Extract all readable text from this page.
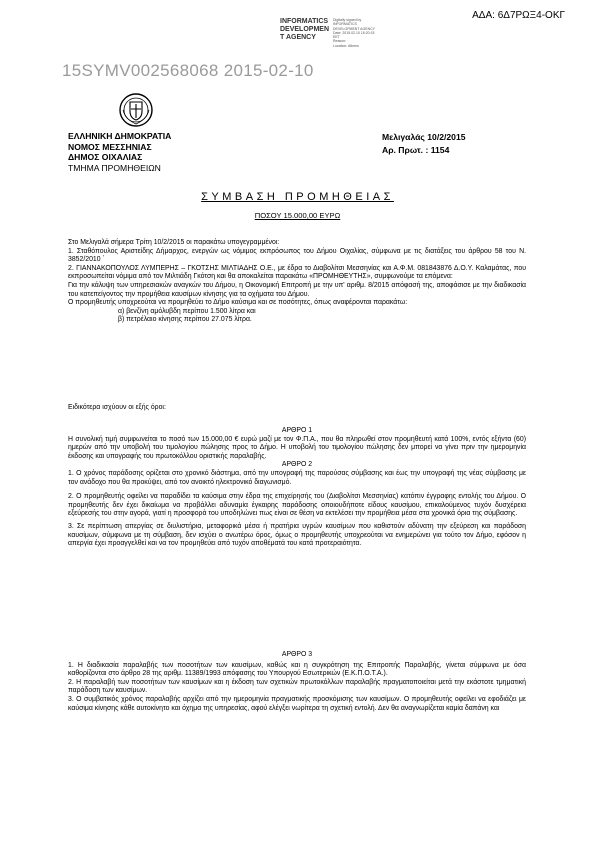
ΑΔΑ: 6Δ7ΡΩΞ4-ΟΚΓ
INFORMATICS
DEVELOPMEN
T AGENCY
Digitally signed by
INFORMATICS
DEVELOPMENT AGENCY
Date: 2015.02.10 15:20:15
EET
Reason:
Location: Athens
15SYMV002568068 2015-02-10
ΕΛΛΗΝΙΚΗ ΔΗΜΟΚΡΑΤΙΑ
ΝΟΜΟΣ ΜΕΣΣΗΝΙΑΣ
ΔΗΜΟΣ ΟΙΧΑΛΙΑΣ
ΤΜΗΜΑ ΠΡΟΜΗΘΕΙΩΝ
Μελιγαλάς 10/2/2015
Αρ. Πρωτ. : 1154
ΣΥΜΒΑΣΗ ΠΡΟΜΗΘΕΙΑΣ
ΠΟΣΟΥ 15.000,00 ΕΥΡΩ

Στο Μελιγαλά σήμερα Τρίτη 10/2/2015 οι παρακάτω υπογεγραμμένοι:

1. Σταθόπουλος Αριστείδης Δήμαρχος, ενεργών ως νόμιμος εκπρόσωπος του Δήμου Οιχαλίας, σύμφωνα με τις διατάξεις του άρθρου 58 του Ν. 3852/2010 ΄

2. ΓΙΑΝΝΑΚΟΠΟΥΛΟΣ ΛΥΜΠΕΡΗΣ – ΓΚΟΤΣΗΣ ΜΙΛΤΙΑΔΗΣ Ο.Ε., με έδρα το Διαβολίτσι Μεσσηνίας και Α.Φ.Μ. 081843876 Δ.Ο.Υ. Καλαμάτας, που εκπροσωπείται νόμιμα από τον Μιλτιάδη Γκότση και θα αποκαλείται παρακάτω «ΠΡΟΜΗΘΕΥΤΗΣ», συμφωνούμε τα επόμενα:

Για την κάλυψη των υπηρεσιακών αναγκών του Δήμου, η Οικονομική Επιτροπή με την υπ' αριθμ. 8/2015 απόφασή της, αποφάσισε με την διαδικασία του κατεπείγοντος την προμήθεια καυσίμων κίνησης για τα οχήματα του Δήμου.

Ο προμηθευτής υποχρεούται να προμηθεύει το Δήμο καύσιμα και σε ποσότητες, όπως αναφέρονται παρακάτω:

α) βενζίνη αμόλυβδη περίπου 1.500 λίτρα και

β) πετρέλαιο κίνησης περίπου 27.075 λίτρα.

Ειδικότερα ισχύουν οι εξής όροι:

ΑΡΘΡΟ 1

Η συνολική τιμή συμφωνείται το ποσό των 15.000,00 € ευρώ μαζί με τον Φ.Π.Α., που θα πληρωθεί στον προμηθευτή κατά 100%, εντός εξήντα (60) ημερών από την υποβολή του τιμολογίου πώλησης προς το Δήμο. Η υποβολή του τιμολογίου πώλησης δεν μπορεί να γίνει πριν την ημερομηνία έκδοσης και υπογραφής του πρωτοκόλλου οριστικής παραλαβής.

ΑΡΘΡΟ 2

1. Ο χρόνος παράδοσης ορίζεται στο χρονικό διάστημα, από την υπογραφή της παρούσας σύμβασης και έως την υπογραφή της νέας σύμβασης με τον ανάδοχο που θα προκύψει, από τον ανοικτό ηλεκτρονικό διαγωνισμό.

2. Ο προμηθευτής οφείλει να παραδίδει τα καύσιμα στην έδρα της επιχείρησής του (Διαβολίτσι Μεσσηνίας) κατόπιν έγγραφης εντολής του Δήμου. Ο προμηθευτής δεν έχει δικαίωμα να προβάλλει αδυναμία έγκαιρης παράδοσης οποιουδήποτε είδους καυσίμου, επικαλούμενος τυχόν δυσχέρεια εξεύρεσής του στην αγορά, γιατί η προσφορά του υποδηλώνει πως είναι σε θέση να εκτελέσει την προμήθεια μέσα στα χρονικά όρια της σύμβασης.

3. Σε περίπτωση απεργίας σε διυλιστήρια, μεταφορικά μέσα ή πρατήρια υγρών καυσίμων που καθιστούν αδύνατη την εξεύρεση και παράδοση καυσίμων, σύμφωνα με τη σύμβαση, δεν ισχύει ο ανωτέρω όρος, όμως ο προμηθευτής υποχρεούται να ενημερώνει για τούτο τον Δήμο, εφόσον η απεργία έχει προαγγελθεί και να τον προμηθεύει από τυχόν αποθέματά του κατά προτεραιότητα.

ΑΡΘΡΟ 3

1. Η διαδικασία παραλαβής των ποσοτήτων των καυσίμων, καθώς και η συγκρότηση της Επιτροπής Παραλαβής, γίνεται σύμφωνα με όσα καθορίζονται στο άρθρο 28 της αριθμ. 11389/1993 απόφασης του Υπουργού Εσωτερικών (Ε.Κ.Π.Ο.Τ.Α.).

2. Η παραλαβή των ποσοτήτων των καυσίμων και η έκδοση των σχετικών πρωτοκόλλων παραλαβής πραγματοποιείται μετά την εκάστοτε τμηματική παράδοση των καυσίμων.

3. Ο συμβατικός χρόνος παραλαβής αρχίζει από την ημερομηνία πραγματικής προσκόμισης των καυσίμων. Ο προμηθευτής οφείλει να εφοδιάζει με καύσιμα κίνησης κάθε αυτοκίνητο και όχημα της υπηρεσίας, αφού ελέγξει νωρίτερα τη σχετική εντολή. Δεν θα αναγνωρίζεται καμία δαπάνη και
